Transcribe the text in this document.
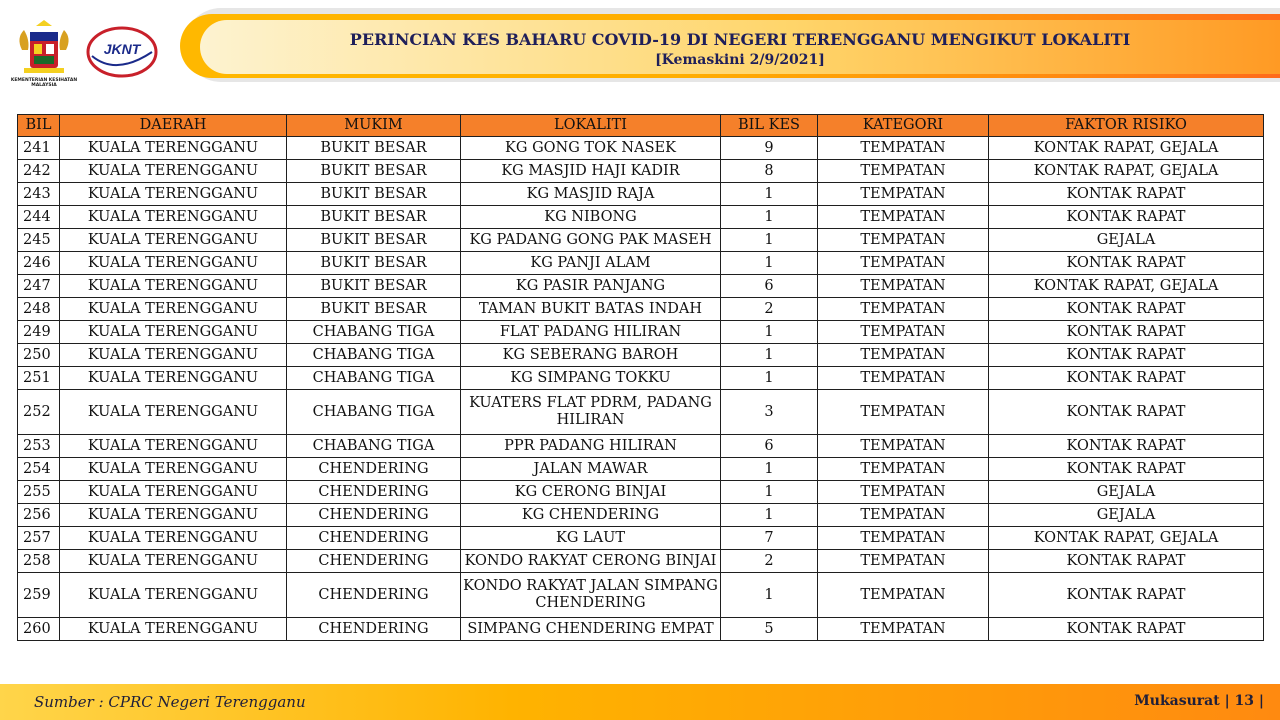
KEMENTERIAN KESIHATAN MALAYSIA
JKNT	PERINCIAN KES BAHARU COVID-19 DI NEGERI TERENGGANU MENGIKUT LOKALITI
[Kemaskini 2/9/2021]
BIL	DAERAH	MUKIM	LOKALITI	BIL KES	KATEGORI	FAKTOR RISIKO
241	KUALA TERENGGANU	BUKIT BESAR	KG GONG TOK NASEK	9	TEMPATAN	KONTAK RAPAT, GEJALA
242	KUALA TERENGGANU	BUKIT BESAR	KG MASJID HAJI KADIR	8	TEMPATAN	KONTAK RAPAT, GEJALA
243	KUALA TERENGGANU	BUKIT BESAR	KG MASJID RAJA	1	TEMPATAN	KONTAK RAPAT
244	KUALA TERENGGANU	BUKIT BESAR	KG NIBONG	1	TEMPATAN	KONTAK RAPAT
245	KUALA TERENGGANU	BUKIT BESAR	KG PADANG GONG PAK MASEH	1	TEMPATAN	GEJALA
246	KUALA TERENGGANU	BUKIT BESAR	KG PANJI ALAM	1	TEMPATAN	KONTAK RAPAT
247	KUALA TERENGGANU	BUKIT BESAR	KG PASIR PANJANG	6	TEMPATAN	KONTAK RAPAT, GEJALA
248	KUALA TERENGGANU	BUKIT BESAR	TAMAN BUKIT BATAS INDAH	2	TEMPATAN	KONTAK RAPAT
249	KUALA TERENGGANU	CHABANG TIGA	FLAT PADANG HILIRAN	1	TEMPATAN	KONTAK RAPAT
250	KUALA TERENGGANU	CHABANG TIGA	KG SEBERANG BAROH	1	TEMPATAN	KONTAK RAPAT
251	KUALA TERENGGANU	CHABANG TIGA	KG SIMPANG TOKKU	1	TEMPATAN	KONTAK RAPAT
252	KUALA TERENGGANU	CHABANG TIGA	KUATERS FLAT PDRM, PADANG HILIRAN	3	TEMPATAN	KONTAK RAPAT
253	KUALA TERENGGANU	CHABANG TIGA	PPR PADANG HILIRAN	6	TEMPATAN	KONTAK RAPAT
254	KUALA TERENGGANU	CHENDERING	JALAN MAWAR	1	TEMPATAN	KONTAK RAPAT
255	KUALA TERENGGANU	CHENDERING	KG CERONG BINJAI	1	TEMPATAN	GEJALA
256	KUALA TERENGGANU	CHENDERING	KG CHENDERING	1	TEMPATAN	GEJALA
257	KUALA TERENGGANU	CHENDERING	KG LAUT	7	TEMPATAN	KONTAK RAPAT, GEJALA
258	KUALA TERENGGANU	CHENDERING	KONDO RAKYAT CERONG BINJAI	2	TEMPATAN	KONTAK RAPAT
259	KUALA TERENGGANU	CHENDERING	KONDO RAKYAT JALAN SIMPANG CHENDERING	1	TEMPATAN	KONTAK RAPAT
260	KUALA TERENGGANU	CHENDERING	SIMPANG CHENDERING EMPAT	5	TEMPATAN	KONTAK RAPAT
Sumber : CPRC Negeri Terengganu	Mukasurat | 13 |
